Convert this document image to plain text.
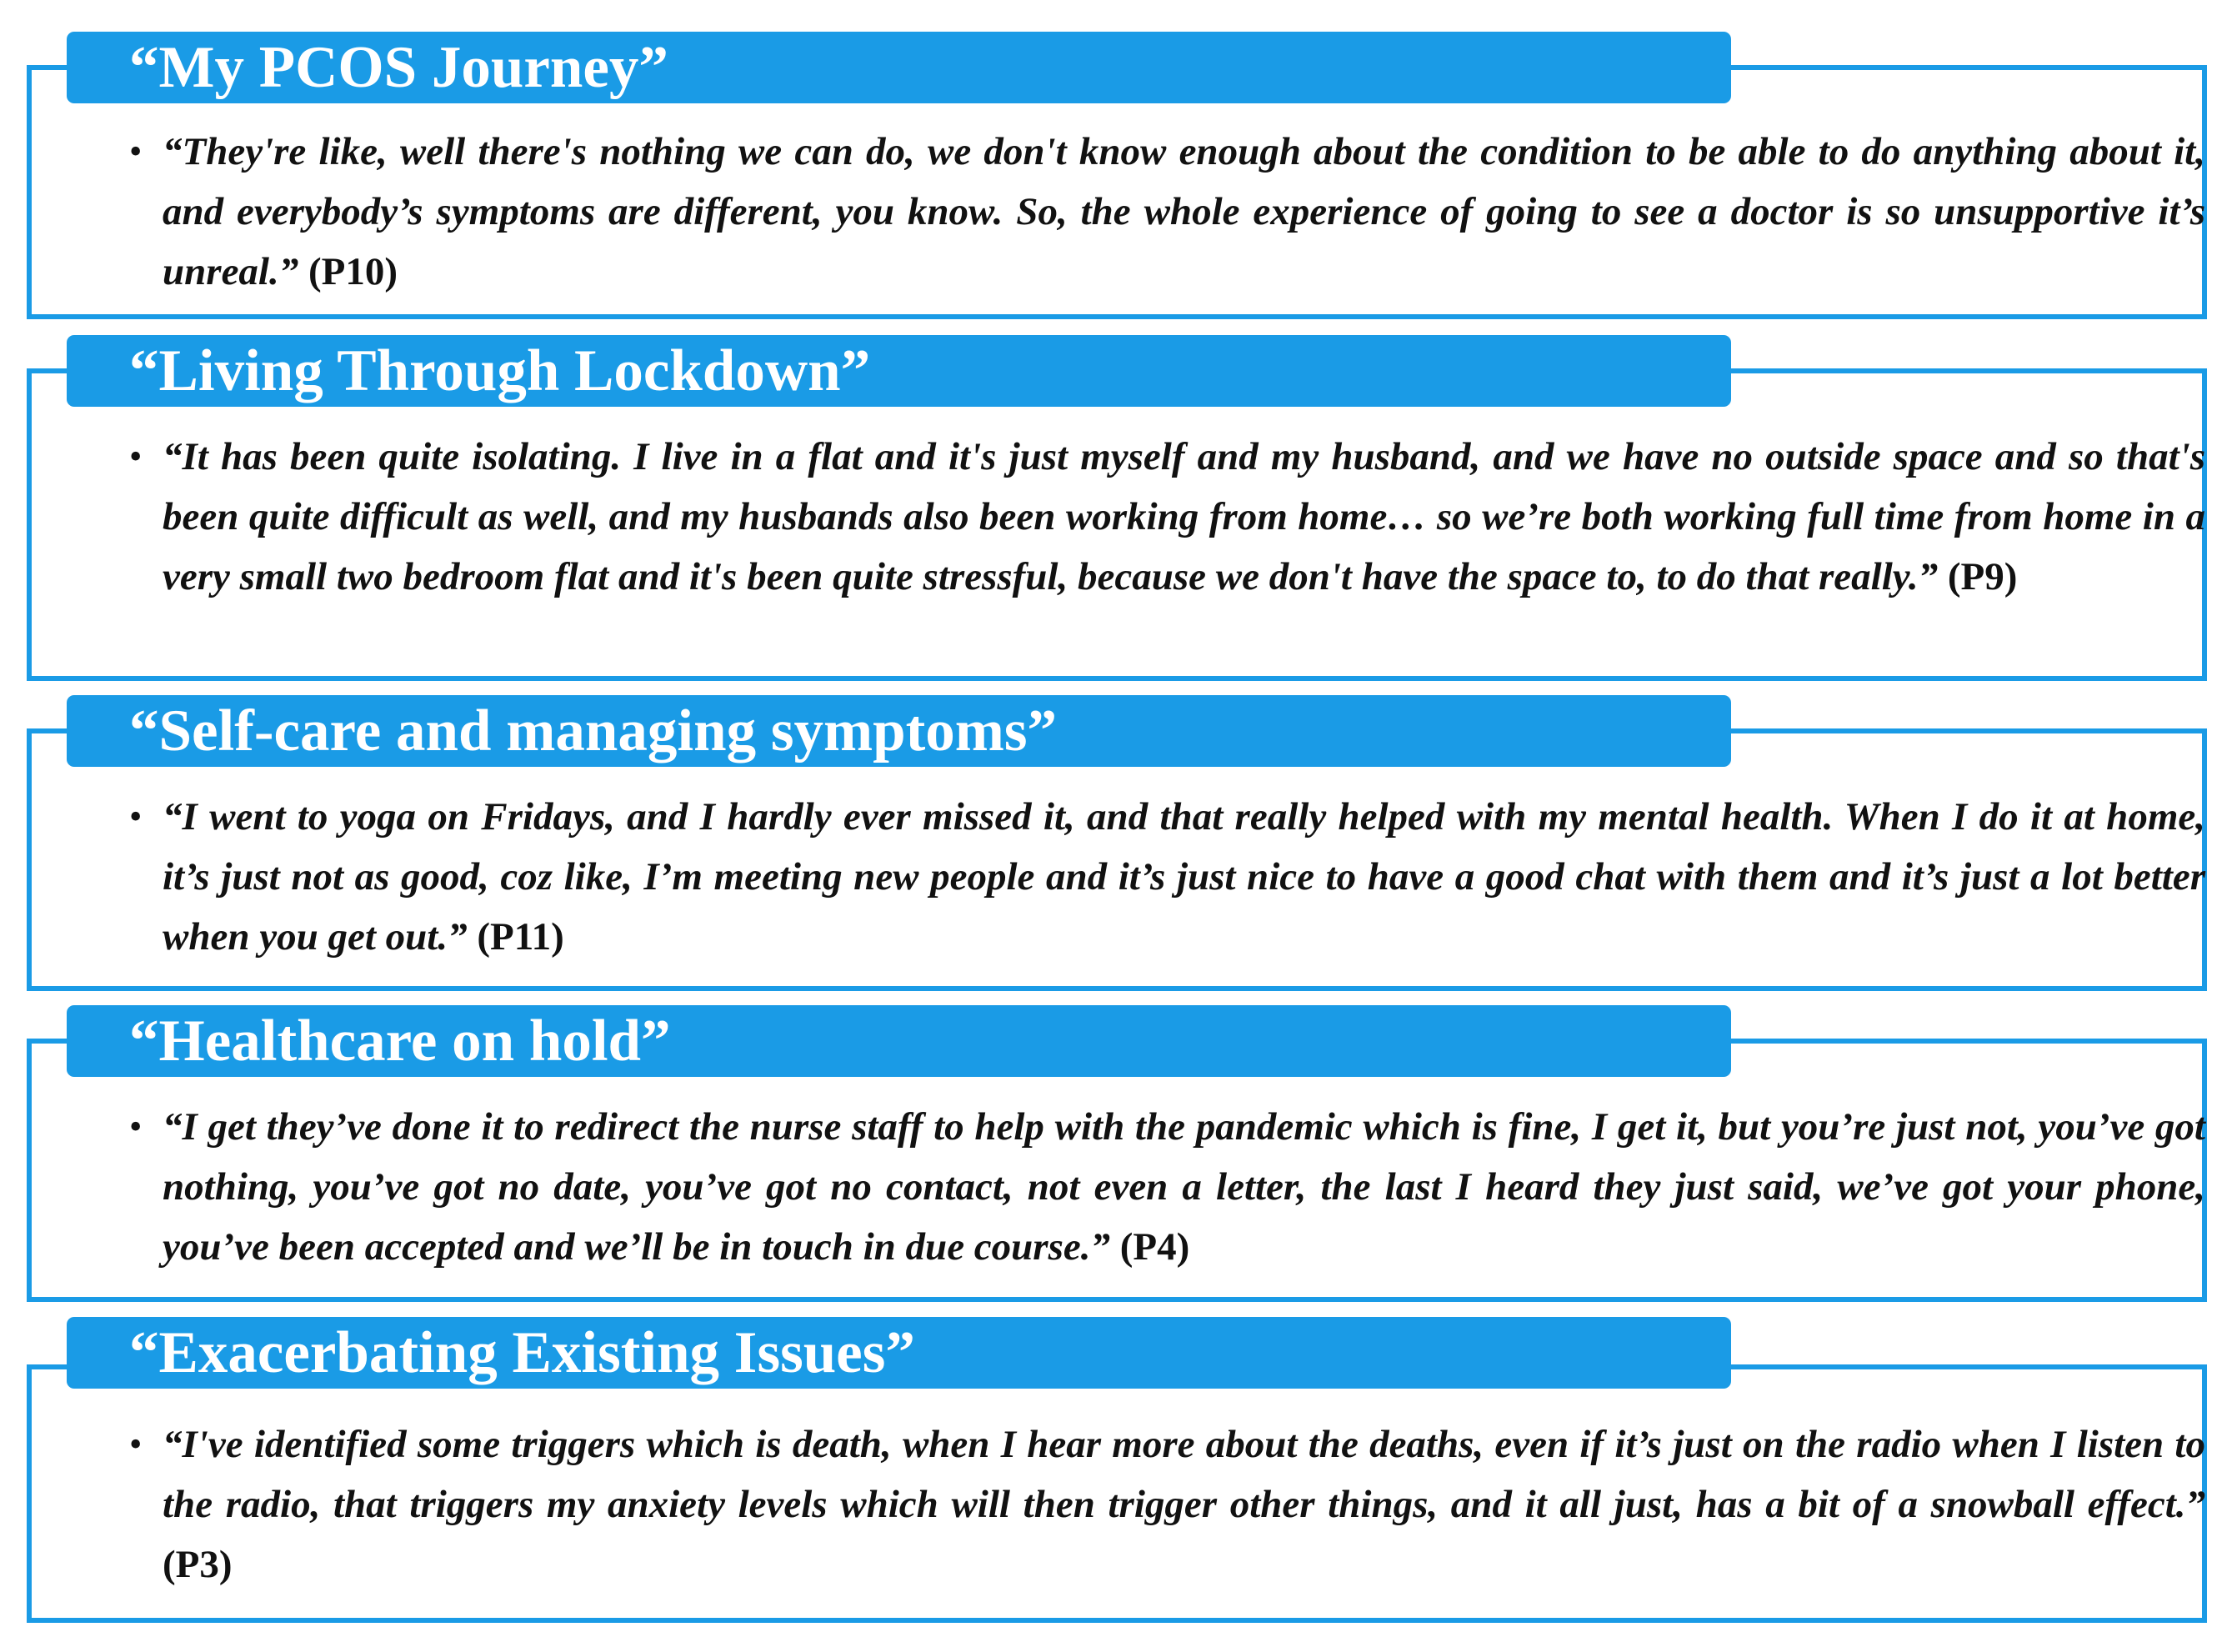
“My PCOS Journey”
• “They're like, well there's nothing we can do, we don't know enough about the condition to be able to do anything about it, and everybody’s symptoms are different, you know. So, the whole experience of going to see a doctor is so unsupportive it’s unreal.” (P10)

“Living Through Lockdown”
• “It has been quite isolating. I live in a flat and it's just myself and my husband, and we have no outside space and so that's been quite difficult as well, and my husbands also been working from home… so we’re both working full time from home in a very small two bedroom flat and it's been quite stressful, because we don't have the space to, to do that really.” (P9)

“Self-care and managing symptoms”
• “I went to yoga on Fridays, and I hardly ever missed it, and that really helped with my mental health. When I do it at home, it’s just not as good, coz like, I’m meeting new people and it’s just nice to have a good chat with them and it’s just a lot better when you get out.” (P11)

“Healthcare on hold”
• “I get they’ve done it to redirect the nurse staff to help with the pandemic which is fine, I get it, but you’re just not, you’ve got nothing, you’ve got no date, you’ve got no contact, not even a letter, the last I heard they just said, we’ve got your phone, you’ve been accepted and we’ll be in touch in due course.” (P4)

“Exacerbating Existing Issues”
• “I've identified some triggers which is death, when I hear more about the deaths, even if it’s just on the radio when I listen to the radio, that triggers my anxiety levels which will then trigger other things, and it all just, has a bit of a snowball effect.” (P3)
